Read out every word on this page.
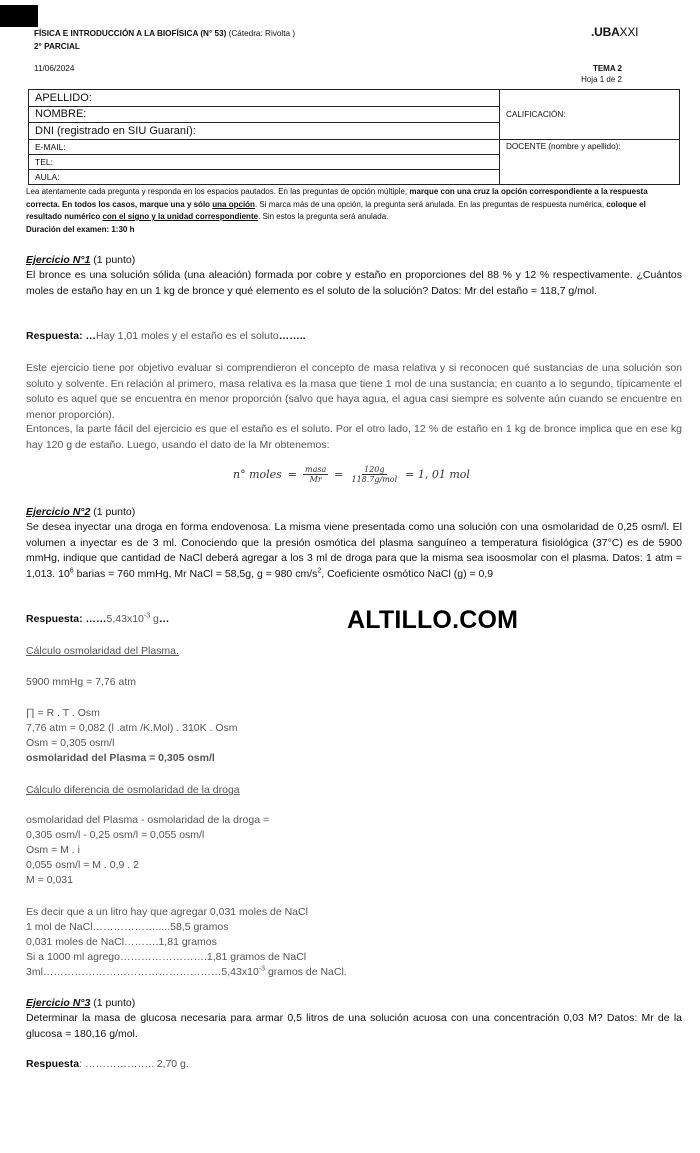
FÍSICA E INTRODUCCIÓN A LA BIOFÍSICA (N° 53) (Cátedra: Rivolta )
2° PARCIAL
11/06/2024
.UBAXXI
TEMA 2
Hoja 1 de 2
APELLIDO:	CALIFICACIÓN:
NOMBRE:	
DNI (registrado en SIU Guaraní):	
E-MAIL:	DOCENTE (nombre y apellido):
TEL:	
AULA:	
Lea atentamente cada pregunta y responda en los espacios pautados. En las preguntas de opción múltiple, marque con una cruz la opción correspondiente a la respuesta correcta. En todos los casos, marque una y sólo una opción. Si marca más de una opción, la pregunta será anulada. En las preguntas de respuesta numérica, coloque el resultado numérico con el signo y la unidad correspondiente. Sin estos la pregunta será anulada.
Duración del examen: 1:30 h
Ejercicio N°1 (1 punto)
El bronce es una solución sólida (una aleación) formada por cobre y estaño en proporciones del 88 % y 12 % respectivamente. ¿Cuántos moles de estaño hay en un 1 kg de bronce y qué elemento es el soluto de la solución? Datos: Mr del estaño = 118,7 g/mol.
Respuesta: …Hay 1,01 moles y el estaño es el soluto……..
Este ejercicio tiene por objetivo evaluar si comprendieron el concepto de masa relativa y si reconocen qué sustancias de una solución son soluto y solvente. En relación al primero, masa relativa es la masa que tiene 1 mol de una sustancia; en cuanto a lo segundo, típicamente el soluto es aquel que se encuentra en menor proporción (salvo que haya agua, el agua casi siempre es solvente aún cuando se encuentre en menor proporción).
Entonces, la parte fácil del ejercicio es que el estaño es el soluto. Por el otro lado, 12 % de estaño en 1 kg de bronce implica que en ese kg hay 120 g de estaño. Luego, usando el dato de la Mr obtenemos:
n° moles = $\frac{\text{masa}}{Mr} = \frac{120g}{\text{118.7g/mol}} = 1$, 01 mol
Ejercicio N°2 (1 punto)
Se desea inyectar una droga en forma endovenosa. La misma viene presentada como una solución con una osmolaridad de 0,25 osm/l. El volumen a inyectar es de 3 ml. Conociendo que la presión osmótica del plasma sanguíneo a temperatura fisiológica (37°C) es de 5900 mmHg, indique que cantidad de NaCl deberá agregar a los 3 ml de droga para que la misma sea isoosmolar con el plasma. Datos: 1 atm = 1,013. $10^6$ barias = 760 mmHg, Mr NaCl = 58,5g, g = 980 $cm/s^2$, Coeficiente osmótico NaCl (g) = 0,9
Respuesta: $\dots\dots 5,43x10^{-3}$ g…	ALTILLO.COM
Cálculo osmolaridad del Plasma.
5900 mmHg = 7,76 atm
∏ = R . T . Osm
7,76 atm = 0,082 (l .atm /K.Mol) . 310K . Osm
Osm = 0,305 osm/l
osmolaridad del Plasma = 0,305 osm/l
Cálculo diferencia de osmolaridad de la droga
osmolaridad del Plasma - osmolaridad de la droga =
0,305 osm/l - 0,25 osm/l = 0,055 osm/l
Osm = M . i
0,055 osm/l = M . 0,9 . 2
M = 0,031
Es decir que a un litro hay que agregar 0,031 moles de NaCl
1 mol de NaCl……………….....58,5 gramos
0,031 moles de NaCl……….1,81 gramos
Si a 1000 ml agrego…………………….1,81 gramos de NaCl
$3ml\dots\dots\dots\dots\dots\dots\dots\dots\dots\dots\dots\dots\dots\dots\dots\dots\dots 5,43x10^{-3}$ gramos de NaCl.
Ejercicio N°3 (1 punto)
Determinar la masa de glucosa necesaria para armar 0,5 litros de una solución acuosa con una concentración 0,03 M? Datos: Mr de la glucosa = 180,16 g/mol.
Respuesta: ……………….. 2,70 g.
